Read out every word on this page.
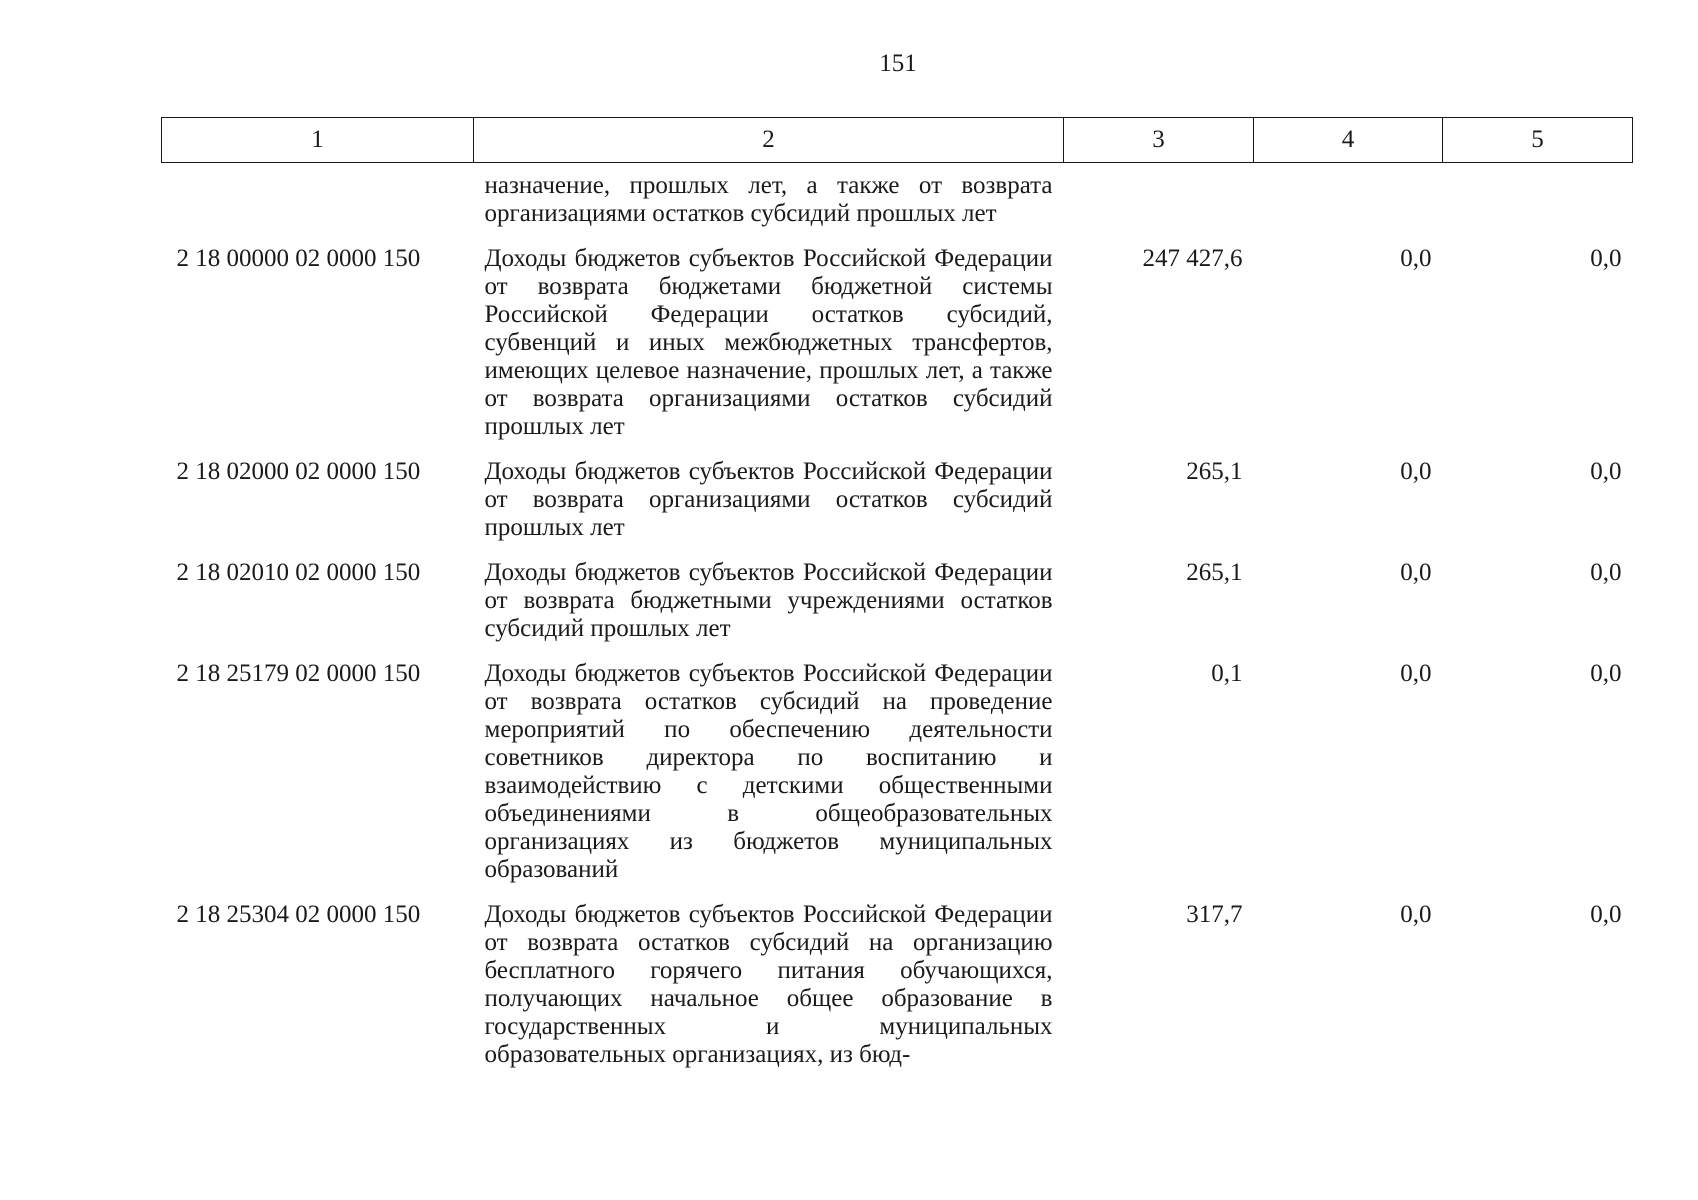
151
1	2	3	4	5
	назначение, прошлых лет, а также от возврата организациями остатков субсидий прошлых лет			
2 18 00000 02 0000 150	Доходы бюджетов субъектов Российской Федерации от возврата бюджетами бюджетной системы Российской Федерации остатков субсидий, субвенций и иных межбюджетных трансфертов, имеющих целевое назначение, прошлых лет, а также от возврата организациями остатков субсидий прошлых лет	247 427,6	0,0	0,0
2 18 02000 02 0000 150	Доходы бюджетов субъектов Российской Федерации от возврата организациями остатков субсидий прошлых лет	265,1	0,0	0,0
2 18 02010 02 0000 150	Доходы бюджетов субъектов Российской Федерации от возврата бюджетными учреждениями остатков субсидий прошлых лет	265,1	0,0	0,0
2 18 25179 02 0000 150	Доходы бюджетов субъектов Российской Федерации от возврата остатков субсидий на проведение мероприятий по обеспечению деятельности советников директора по воспитанию и взаимодействию с детскими общественными объединениями в общеобразовательных организациях из бюджетов муниципальных образований	0,1	0,0	0,0
2 18 25304 02 0000 150	Доходы бюджетов субъектов Российской Федерации от возврата остатков субсидий на организацию бесплатного горячего питания обучающихся, получающих начальное общее образование в государственных и муниципальных образовательных организациях, из бюд-	317,7	0,0	0,0
